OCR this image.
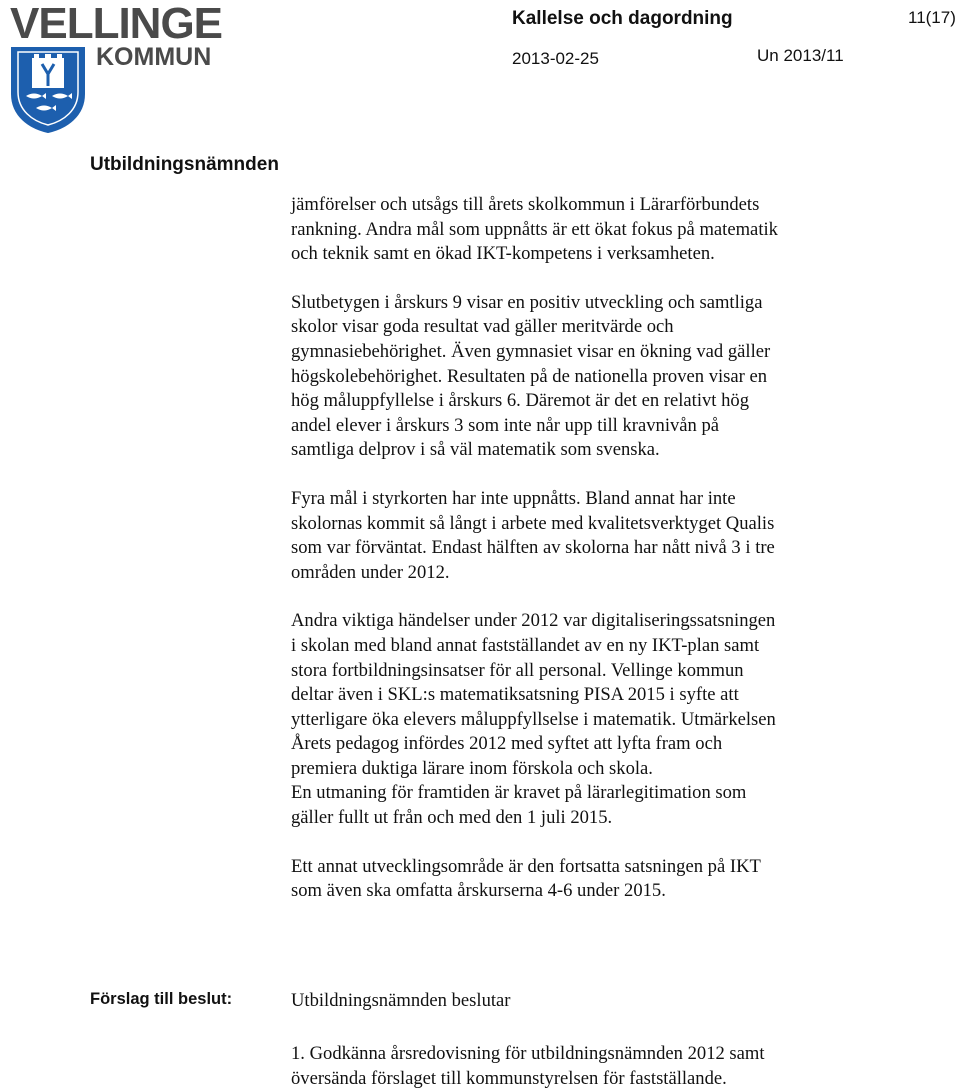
VELLINGE
KOMMUN
Kallelse och dagordning	11(17)
2013-02-25	Un 2013/11
Utbildningsnämnden

jämförelser och utsågs till årets skolkommun i Lärarförbundets
rankning. Andra mål som uppnåtts är ett ökat fokus på matematik
och teknik samt en ökad IKT-kompetens i verksamheten.

Slutbetygen i årskurs 9 visar en positiv utveckling och samtliga
skolor visar goda resultat vad gäller meritvärde och
gymnasiebehörighet. Även gymnasiet visar en ökning vad gäller
högskolebehörighet. Resultaten på de nationella proven visar en
hög måluppfyllelse i årskurs 6. Däremot är det en relativt hög
andel elever i årskurs 3 som inte når upp till kravnivån på
samtliga delprov i så väl matematik som svenska.

Fyra mål i styrkorten har inte uppnåtts. Bland annat har inte
skolornas kommit så långt i arbete med kvalitetsverktyget Qualis
som var förväntat. Endast hälften av skolorna har nått nivå 3 i tre
områden under 2012.

Andra viktiga händelser under 2012 var digitaliseringssatsningen
i skolan med bland annat fastställandet av en ny IKT-plan samt
stora fortbildningsinsatser för all personal. Vellinge kommun
deltar även i SKL:s matematiksatsning PISA 2015 i syfte att
ytterligare öka elevers måluppfyllselse i matematik. Utmärkelsen
Årets pedagog infördes 2012 med syftet att lyfta fram och
premiera duktiga lärare inom förskola och skola.
En utmaning för framtiden är kravet på lärarlegitimation som
gäller fullt ut från och med den 1 juli 2015.

Ett annat utvecklingsområde är den fortsatta satsningen på IKT
som även ska omfatta årskurserna 4-6 under 2015.

Förslag till beslut:	Utbildningsnämnden beslutar
1. Godkänna årsredovisning för utbildningsnämnden 2012 samt
översända förslaget till kommunstyrelsen för fastställande.
